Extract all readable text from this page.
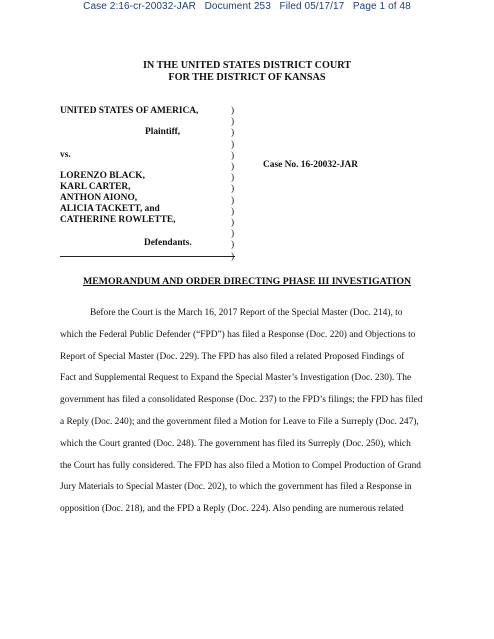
Case 2:16-cr-20032-JAR   Document 253   Filed 05/17/17   Page 1 of 48
IN THE UNITED STATES DISTRICT COURT
FOR THE DISTRICT OF KANSAS
UNITED STATES OF AMERICA,
Plaintiff,
vs.
LORENZO BLACK,
KARL CARTER,
ANTHON AIONO,
ALICIA TACKETT, and
CATHERINE ROWLETTE,
Defendants.
)
)
)
)
)
)
)
)
)
)
)
)
)
)
Case No. 16-20032-JAR
MEMORANDUM AND ORDER DIRECTING PHASE III INVESTIGATION
Before the Court is the March 16, 2017 Report of the Special Master (Doc. 214), to
which the Federal Public Defender (“FPD”) has filed a Response (Doc. 220) and Objections to
Report of Special Master (Doc. 229). The FPD has also filed a related Proposed Findings of
Fact and Supplemental Request to Expand the Special Master’s Investigation (Doc. 230). The
government has filed a consolidated Response (Doc. 237) to the FPD’s filings; the FPD has filed
a Reply (Doc. 240); and the government filed a Motion for Leave to File a Surreply (Doc. 247),
which the Court granted (Doc. 248). The government has filed its Surreply (Doc. 250), which
the Court has fully considered. The FPD has also filed a Motion to Compel Production of Grand
Jury Materials to Special Master (Doc. 202), to which the government has filed a Response in
opposition (Doc. 218), and the FPD a Reply (Doc. 224). Also pending are numerous related
